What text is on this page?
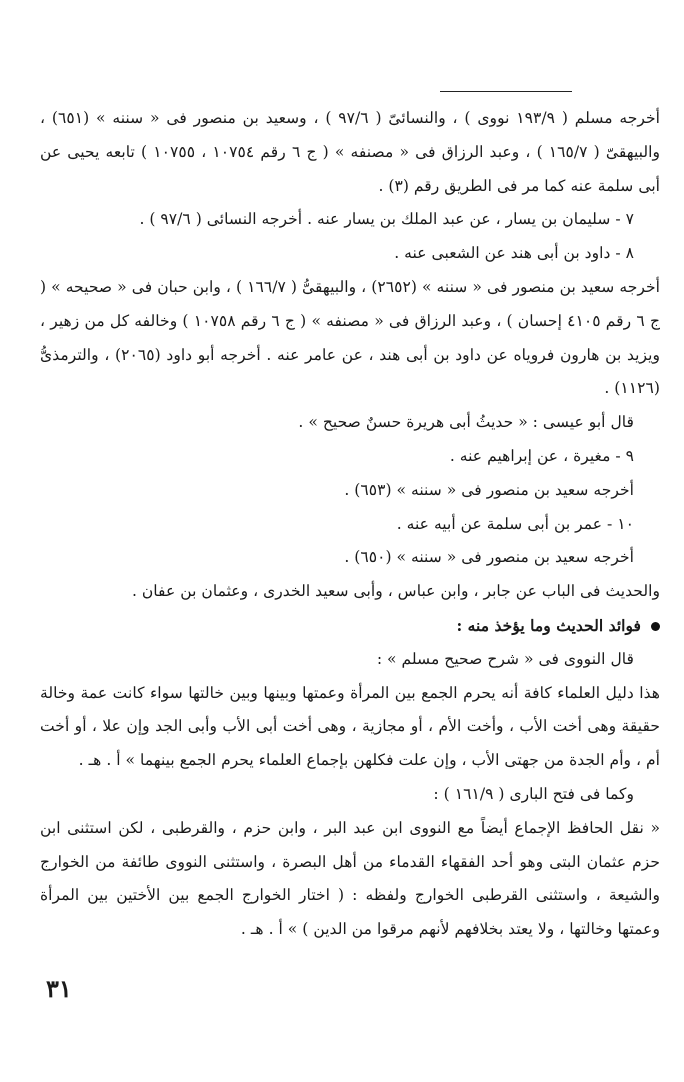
أخرجه مسلم ( ١٩٣/٩ نووى ) ، والنسائىّ ( ٩٧/٦ ) ، وسعيد بن منصور فى « سننه » (٦٥١) ، والبيهقىّ ( ١٦٥/٧ ) ، وعبد الرزاق فى « مصنفه » ( ج ٦ رقم ١٠٧٥٤ ، ١٠٧٥٥ ) تابعه يحيى عن أبى سلمة عنه كما مر فى الطريق رقم (٣) .

٧ - سليمان بن يسار ، عن عبد الملك بن يسار عنه . أخرجه النسائى ( ٩٧/٦ ) .

٨ - داود بن أبى هند عن الشعبى عنه .

أخرجه سعيد بن منصور فى « سننه » (٢٦٥٢) ، والبيهقىُّ ( ١٦٦/٧ ) ، وابن حبان فى « صحيحه » ( ج ٦ رقم ٤١٠٥ إحسان ) ، وعبد الرزاق فى « مصنفه » ( ج ٦ رقم ١٠٧٥٨ ) وخالفه كل من زهير ، ويزيد بن هارون فروياه عن داود بن أبى هند ، عن عامر عنه . أخرجه أبو داود (٢٠٦٥) ، والترمذىُّ (١١٢٦) .

قال أبو عيسى : « حديثُ أبى هريرة حسنٌ صحيح » .

٩ - مغيرة ، عن إبراهيم عنه .

أخرجه سعيد بن منصور فى « سننه » (٦٥٣) .

١٠ - عمر بن أبى سلمة عن أبيه عنه .

أخرجه سعيد بن منصور فى « سننه » (٦٥٠) .

والحديث فى الباب عن جابر ، وابن عباس ، وأبى سعيد الخدرى ، وعثمان بن عفان .

فوائد الحديث وما يؤخذ منه :

قال النووى فى « شرح صحيح مسلم » :

هذا دليل العلماء كافة أنه يحرم الجمع بين المرأة وعمتها وبينها وبين خالتها سواء كانت عمة وخالة حقيقة وهى أخت الأب ، وأخت الأم ، أو مجازية ، وهى أخت أبى الأب وأبى الجد وإن علا ، أو أخت أم ، وأم الجدة من جهتى الأب ، وإن علت فكلهن بإجماع العلماء يحرم الجمع بينهما » أ . هـ .

وكما فى فتح البارى ( ١٦١/٩ ) :

« نقل الحافظ الإجماع أيضاً مع النووى ابن عبد البر ، وابن حزم ، والقرطبى ، لكن استثنى ابن حزم عثمان البتى وهو أحد الفقهاء القدماء من أهل البصرة ، واستثنى النووى طائفة من الخوارج والشيعة ، واستثنى القرطبى الخوارج ولفظه : ( اختار الخوارج الجمع بين الأختين بين المرأة وعمتها وخالتها ، ولا يعتد بخلافهم لأنهم مرقوا من الدين ) » أ . هـ .

٣١
